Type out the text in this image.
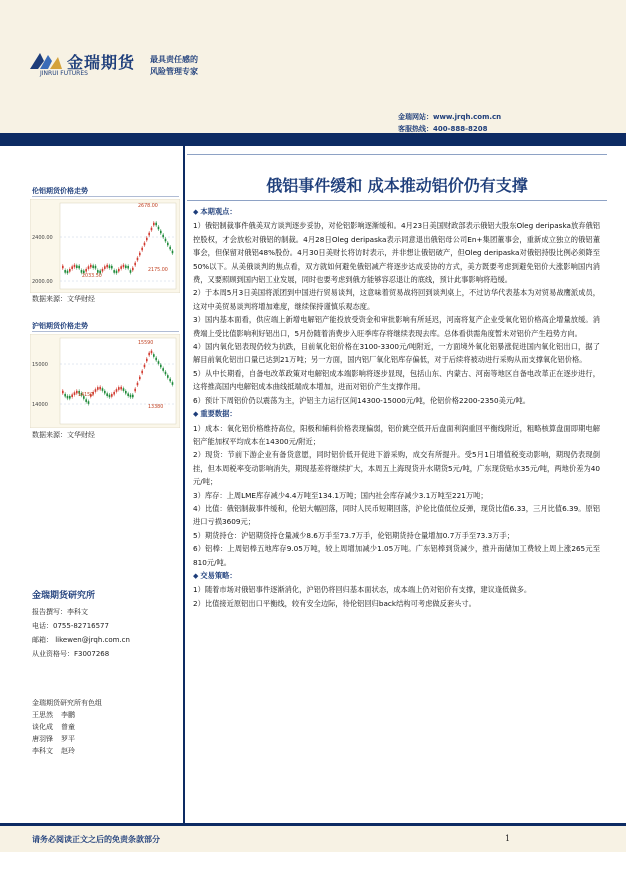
金瑞期货
JINRUI FUTURES
最具责任感的
风险管理专家
金瑞网站：www.jrqh.com.cn
客服热线：400-888-8208
俄铝事件缓和 成本推动铝价仍有支撑
伦铝期货价格走势
2400.00
2000.00
2678.00
2033.50
2175.00
数据来源：文华财经
沪铝期货价格走势
15000
14000
15590
14150
13380
数据来源：文华财经
金瑞期货研究所
报告撰写：李科文
电话：0755-82716577
邮箱： likewen@jrqh.com.cn
从业资格号：F3007268
金瑞期货研究所有色组
王思然 李鹏
谈化成 曾童
唐羽锋 罗平
李科文 赵玲
◆ 本期观点：
1）俄铝制裁事件俄美双方谈判逐步妥协，对伦铝影响逐渐缓和。4月23日美国财政部表示俄铝大股东Oleg deripaska放弃俄铝控股权，才会放松对俄铝的制裁。4月28日Oleg deripaska表示同意退出俄铝母公司En+集团董事会，重新成立独立的俄铝董事会，但保留对俄铝48%股份。4月30日美财长将访时表示，并非想让俄铝破产，但Oleg deripaska对俄铝持股比例必须降至50%以下。从美俄谈判的焦点看，双方就如何避免俄铝减产将逐步达成妥协的方式，美方既要考虑到避免铝价大涨影响国内消费，又要照顾到国内铝工业发展，同时也要考虑到俄方能够容忍退让的底线，预计此事影响将趋缓。
2）于本周5月3日美国将派团到中国进行贸易谈判，这意味着贸易战将回到谈判桌上，不过访华代表基本为对贸易战鹰派成员，这对中美贸易谈判将增加难度，继续保持谨慎乐观态度。
3）国内基本面看，供应端上新增电解铝产能投放受资金和审批影响有所延迟，河南将复产企业受氧化铝价格高企增量放缓。消费端上受比值影响利好铝出口，5月份随着消费步入旺季库存将继续表现去库。总体看供需角度暂未对铝价产生趋势方向。
4）国内氧化铝表现仍较为抗跌，目前氧化铝价格在3100-3300元/吨附近，一方面境外氧化铝暴涨促进国内氧化铝出口，据了解目前氧化铝出口量已达到21万吨；另一方面，国内铝厂氧化铝库存偏低，对于后续将被动进行采购从而支撑氧化铝价格。
5）从中长期看，自备电改革政策对电解铝成本端影响将逐步显现，包括山东、内蒙古、河南等地区自备电改革正在逐步进行，这将推高国内电解铝成本曲线抵端成本增加，进而对铝价产生支撑作用。
6）预计下周铝价仍以震荡为主，沪铝主力运行区间14300-15000元/吨，伦铝价格2200-2350美元/吨。
◆ 重要数据：
1）成本：氧化铝价格维持高位，阳极和辅料价格表现偏弱，铝价跳空低开后盘面利润重回平衡线附近，粗略核算盘面即期电解铝产能加权平均成本在14300元/附近；
2）现货：节前下游企业有备货意愿，同时铝价低开促进下游采购，成交有所提升。受5月1日增值税变动影响，期现仍表现倒挂，但本周税率变动影响消失，期现基差将继续扩大，本周五上海现货升水期货5元/吨，广东现货贴水35元/吨，两地价差为40元/吨；
3）库存：上周LME库存减少4.4万吨至134.1万吨；国内社会库存减少3.1万吨至221万吨；
4）比值：俄铝制裁事件缓和，伦铝大幅回落，同时人民币短期回落，沪伦比值低位反弹，现货比值6.33，三月比值6.39。原铝进口亏损3609元；
5）期货持仓：沪铝期货持仓量减少8.6万手至73.7万手，伦铝期货持仓量增加0.7万手至73.3万手；
6）铝棒：上周铝棒五地库存9.05万吨，较上周增加减少1.05万吨。广东铝棒到货减少，推升南储加工费较上周上涨265元至810元/吨。
◆ 交易策略：
1）随着市场对俄铝事件逐渐消化，沪铝仍将回归基本面状态，成本端上仍对铝价有支撑，建议逢低做多。
2）比值接近原铝出口平衡线，较有安全边际，待伦铝回归back结构可考虑做反套头寸。
请务必阅读正文之后的免责条款部分	1
